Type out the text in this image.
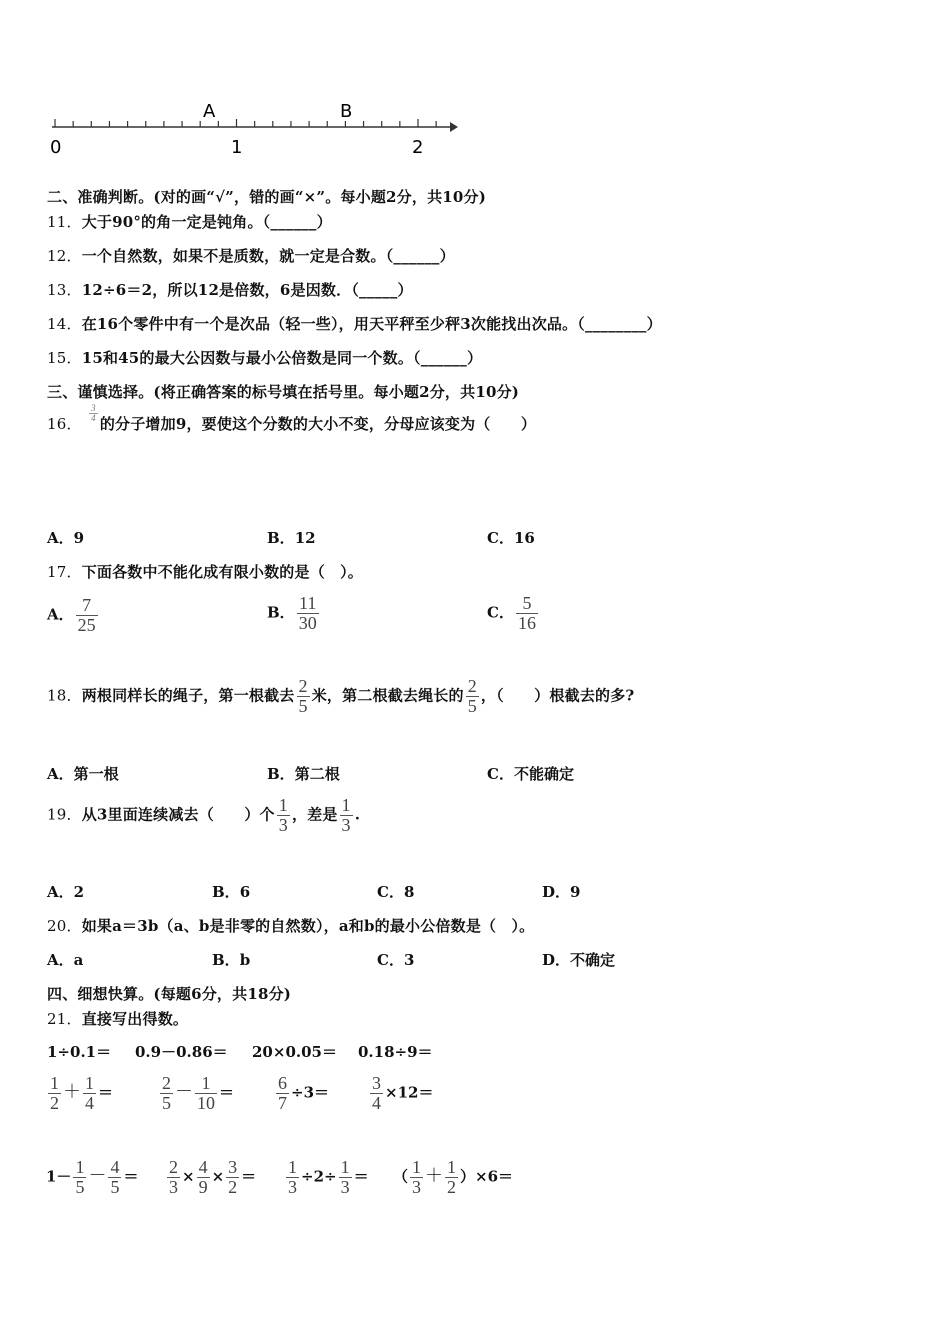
0	1	2
A	B
二、准确判断。(对的画“√”，错的画“×”。每小题2分，共10分)
11．大于90°的角一定是钝角。（______）
12．一个自然数，如果不是质数，就一定是合数。（______）
13．12÷6＝2，所以12是倍数，6是因数．（_____）
14．在16个零件中有一个是次品（轻一些），用天平秤至少秤3次能找出次品。（________）
15．15和45的最大公因数与最小公倍数是同一个数。（______）
三、谨慎选择。(将正确答案的标号填在括号里。每小题2分，共10分)
16．
$\frac{3}{4}$
的分子增加9，要使这个分数的大小不变，分母应该变为（　　）
A．9	B．12	C．16
17．下面各数中不能化成有限小数的是（　）。
A． $\frac{7}{25}$	B． $\frac{11}{30}$	C． $\frac{5}{16}$
18．两根同样长的绳子，第一根截去 $\frac{2}{5}$ 米，第二根截去绳长的 $\frac{2}{5}$ ，（　　）根截去的多?
A．第一根	B．第二根	C．不能确定
19．从3里面连续减去（　　）个 $\frac{1}{3}$ ，差是 $\frac{1}{3}$ .
A．2	B．6	C．8	D．9
20．如果a＝3b（a、b是非零的自然数），a和b的最小公倍数是（　）。
A．a	B．b	C．3	D．不确定
四、细想快算。(每题6分，共18分)
21．直接写出得数。
1÷0.1＝ 0.9－0.86＝ 20×0.05＝ 0.18÷9＝
$\frac{1}{2} + \frac{1}{4}$ ＝	$\frac{2}{5} - \frac{1}{10} = \frac{6}{7} \div 3= \frac{3}{4} \times 12=$
$1- \frac{1}{5} - \frac{4}{5} = \frac{2}{3} \times \frac{4}{9} \times \frac{3}{2} = \frac{1}{3} \div 2\div \frac{1}{3}$ ＝ （ $\frac{1}{3} + \frac{1}{2} )\times 6=$
